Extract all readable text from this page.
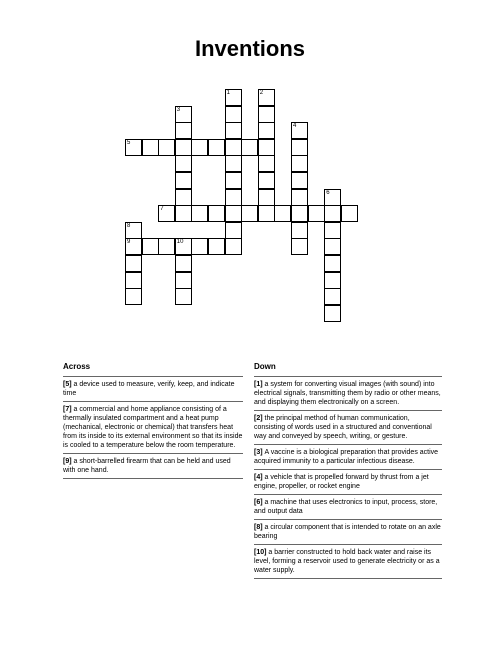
Inventions
1	2
3
4
5
6
7
8
9	10
Across	Down
[5] a device used to measure, verify, keep, and indicate time
[7] a commercial and home appliance consisting of a thermally insulated compartment and a heat pump (mechanical, electronic or chemical) that transfers heat from its inside to its external environment so that its inside is cooled to a temperature below the room temperature.
[9] a short-barrelled firearm that can be held and used with one hand.
[1] a system for converting visual images (with sound) into electrical signals, transmitting them by radio or other means, and displaying them electronically on a screen.
[2] the principal method of human communication, consisting of words used in a structured and conventional way and conveyed by speech, writing, or gesture.
[3] A vaccine is a biological preparation that provides active acquired immunity to a particular infectious disease.
[4] a vehicle that is propelled forward by thrust from a jet engine, propeller, or rocket engine
[6] a machine that uses electronics to input, process, store, and output data
[8] a circular component that is intended to rotate on an axle bearing
[10] a barrier constructed to hold back water and raise its level, forming a reservoir used to generate electricity or as a water supply.
